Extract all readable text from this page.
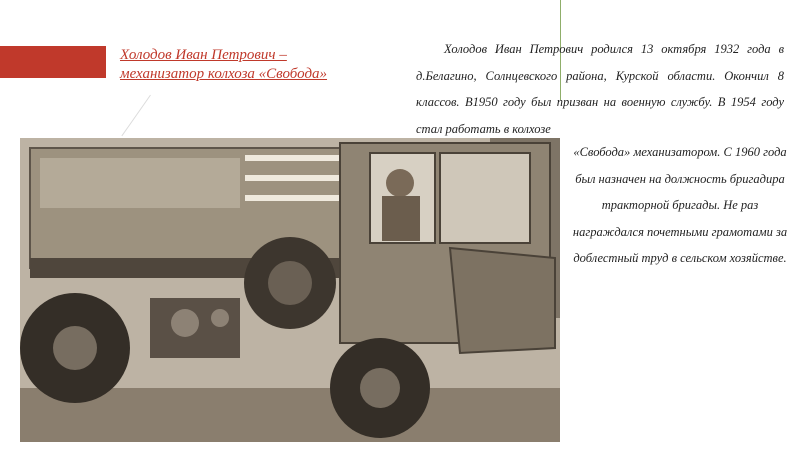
Холодов Иван Петрович –
механизатор колхоза «Свобода»
Холодов Иван Петрович родился 13 октября 1932 года в д.Белагино, Солнцевского района, Курской области. Окончил 8 классов. В1950 году был призван на военную службу. В 1954 году стал работать в колхозе
«Свобода» механизатором. С 1960 года был назначен на должность бригадира тракторной бригады. Не раз награждался почетными грамотами за доблестный труд в сельском хозяйстве.
